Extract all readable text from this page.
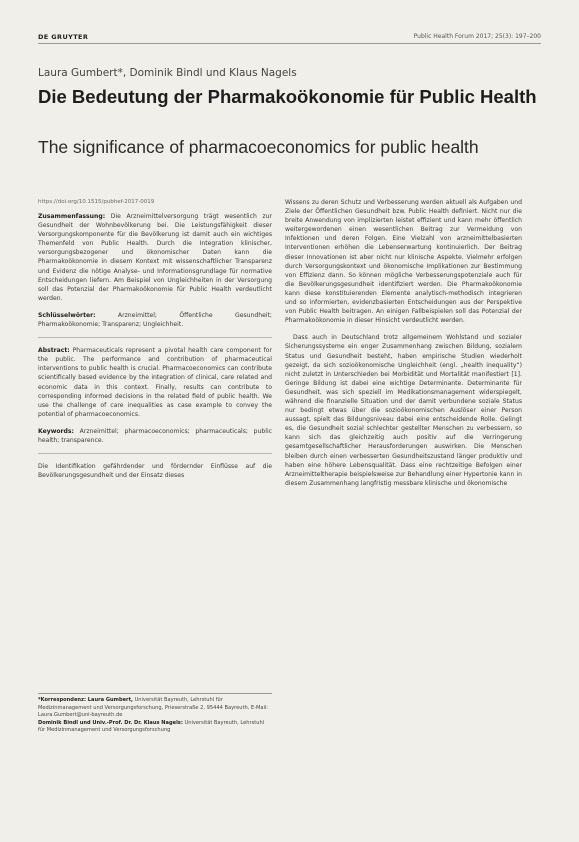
DE GRUYTER	Public Health Forum 2017; 25(3): 197–200
Laura Gumbert*, Dominik Bindl und Klaus Nagels
Die Bedeutung der Pharmakoökonomie für Public Health
The significance of pharmacoeconomics for public health
https://doi.org/10.1515/pubhef-2017-0019

Zusammenfassung: Die Arzneimittelversorgung trägt wesentlich zur Gesundheit der Wohnbevölkerung bei. Die Leistungsfähigkeit dieser Versorgungskomponente für die Bevölkerung ist damit auch ein wichtiges Themenfeld von Public Health. Durch die Integration klinischer, versorgungsbezogener und ökonomischer Daten kann die Pharmakoökonomie in diesem Kontext mit wissenschaftlicher Transparenz und Evidenz die nötige Analyse- und Informationsgrundlage für normative Entscheidungen liefern. Am Beispiel von Ungleichheiten in der Versorgung soll das Potenzial der Pharmakoökonomie für Public Health verdeutlicht werden.

Schlüsselwörter:	Arzneimittel; Öffentliche Gesundheit; Pharmakoökonomie; Transparenz; Ungleichheit.

Abstract: Pharmaceuticals represent a pivotal health care component for the public. The performance and contribution of pharmaceutical interventions to public health is crucial. Pharmacoeconomics can contribute scientifically based evidence by the integration of clinical, care related and economic data in this context. Finally, results can contribute to corresponding informed decisions in the related field of public health. We use the challenge of care inequalities as case example to convey the potential of pharmacoeconomics.

Keywords: Arzneimittel; pharmacoeconomics; pharmaceuticals; public health; transparence.

Die Identifikation gefährdender und fördernder Einflüsse auf die Bevölkerungsgesundheit und der Einsatz dieses

*Korrespondenz: Laura Gumbert, Universität Bayreuth, Lehrstuhl für Medizinmanagement und Versorgungsforschung, Prieserstraße 2, 95444 Bayreuth, E-Mail: Laura.Gumbert@uni-bayreuth.de

Dominik Bindl und Univ.-Prof. Dr. Dr. Klaus Nagels: Universität Bayreuth, Lehrstuhl für Medizinmanagement und Versorgungsforschung

Wissens zu deren Schutz und Verbesserung werden aktuell als Aufgaben und Ziele der Öffentlichen Gesundheit bzw. Public Health definiert. Nicht nur die breite Anwendung von implizierten leistet effizient und kann mehr öffentlich weitergewordenen einen wesentlichen Beitrag zur Vermeidung von Infektionen und deren Folgen. Eine Vielzahl von arzneimittelbasierten Interventionen erhöhen die Lebenserwartung kontinuierlich. Der Beitrag dieser Innovationen ist aber nicht nur klinische Aspekte. Vielmehr erfolgen durch Versorgungskontext und ökonomische Implikationen zur Bestimmung von Effizienz dann. So können mögliche Verbesserungspotenziale auch für die Bevölkerungsgesundheit identifiziert werden. Die Pharmakoökonomie kann diese konstituierenden Elemente analytisch-methodisch integrieren und so informierten, evidenzbasierten Entscheidungen aus der Perspektive von Public Health beitragen. An einigen Fallbeispielen soll das Potenzial der Pharmakoökonomie in dieser Hinsicht verdeutlicht werden.

Dass auch in Deutschland trotz allgemeinem Wohlstand und sozialer Sicherungssysteme ein enger Zusammenhang zwischen Bildung, sozialem Status und Gesundheit besteht, haben empirische Studien wiederholt gezeigt, da sich sozioökonomische Ungleichheit (engl. „health inequality“) nicht zuletzt in Unterschieden bei Morbidität und Mortalität manifestiert [1]. Geringe Bildung ist dabei eine wichtige Determinante. Determinante für Gesundheit, was sich speziell im Medikationsmanagement widerspiegelt, während die finanzielle Situation und der damit verbundene soziale Status nur bedingt etwas über die sozioökonomischen Auslöser einer Person aussagt, spielt das Bildungsniveau dabei eine entscheidende Rolle. Gelingt es, die Gesundheit sozial schlechter gestellter Menschen zu verbessern, so kann sich das gleichzeitig auch positiv auf die Verringerung gesamtgesellschaftlicher Herausforderungen auswirken. Die Menschen bleiben durch einen verbesserten Gesundheitszustand länger produktiv und haben eine höhere Lebensqualität. Dass eine rechtzeitige Befolgen einer Arzneimitteltherapie beispielsweise zur Behandlung einer Hypertonie kann in diesem Zusammenhang langfristig messbare klinische und ökonomische
